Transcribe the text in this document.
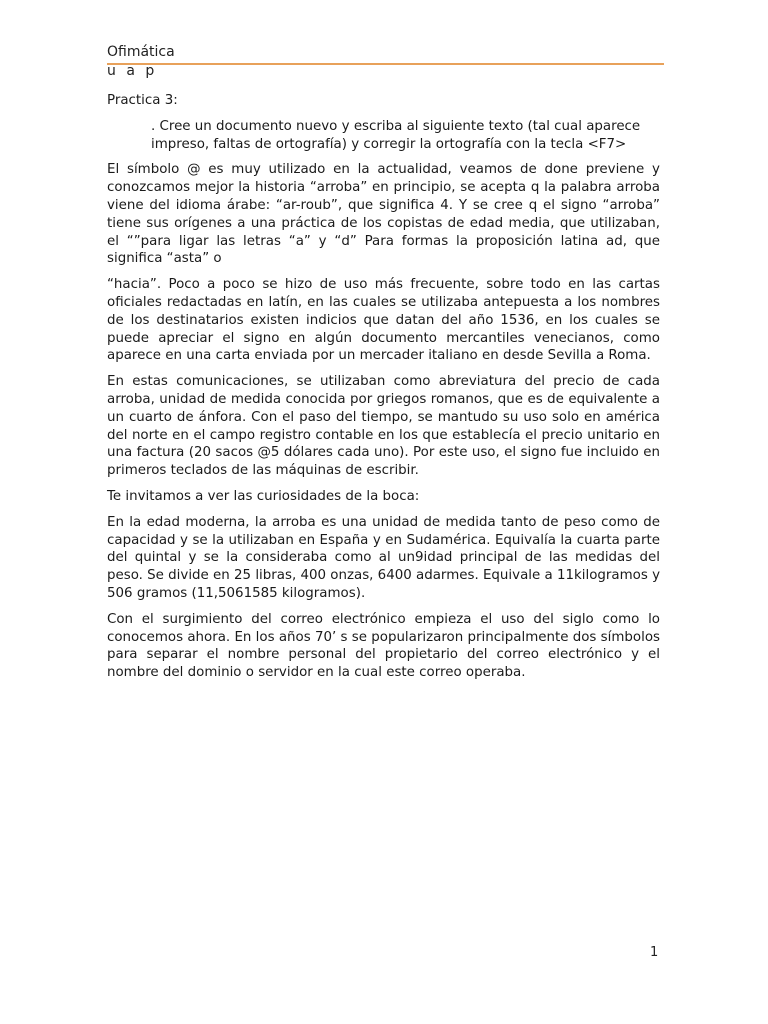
Ofimática
u a p

Practica 3:

. Cree un documento nuevo y escriba al siguiente texto (tal cual aparece impreso, faltas de ortografía) y corregir la ortografía con la tecla <F7>

El símbolo @ es muy utilizado en la actualidad, veamos de done previene y conozcamos mejor la historia “arroba” en principio, se acepta q la palabra arroba viene del idioma árabe: “ar-roub”, que significa 4. Y se cree q el signo “arroba” tiene sus orígenes a una práctica de los copistas de edad media, que utilizaban, el “”para ligar las letras “a” y “d” Para formas la proposición latina ad, que significa “asta” o

“hacia”. Poco a poco se hizo de uso más frecuente, sobre todo en las cartas oficiales redactadas en latín, en las cuales se utilizaba antepuesta a los nombres de los destinatarios existen indicios que datan del año 1536, en los cuales se puede apreciar el signo en algún documento mercantiles venecianos, como aparece en una carta enviada por un mercader italiano en desde Sevilla a Roma.

En estas comunicaciones, se utilizaban como abreviatura del precio de cada arroba, unidad de medida conocida por griegos romanos, que es de equivalente a un cuarto de ánfora. Con el paso del tiempo, se mantudo su uso solo en américa del norte en el campo registro contable en los que establecía el precio unitario en una factura (20 sacos @5 dólares cada uno). Por este uso, el signo fue incluido en primeros teclados de las máquinas de escribir.

Te invitamos a ver las curiosidades de la boca:

En la edad moderna, la arroba es una unidad de medida tanto de peso como de capacidad y se la utilizaban en España y en Sudamérica. Equivalía la cuarta parte del quintal y se la consideraba como al un9idad principal de las medidas del peso. Se divide en 25 libras, 400 onzas, 6400 adarmes. Equivale a 11kilogramos y 506 gramos (11,5061585 kilogramos).

Con el surgimiento del correo electrónico empieza el uso del siglo como lo conocemos ahora. En los años 70’ s se popularizaron principalmente dos símbolos para separar el nombre personal del propietario del correo electrónico y el nombre del dominio o servidor en la cual este correo operaba.

1
